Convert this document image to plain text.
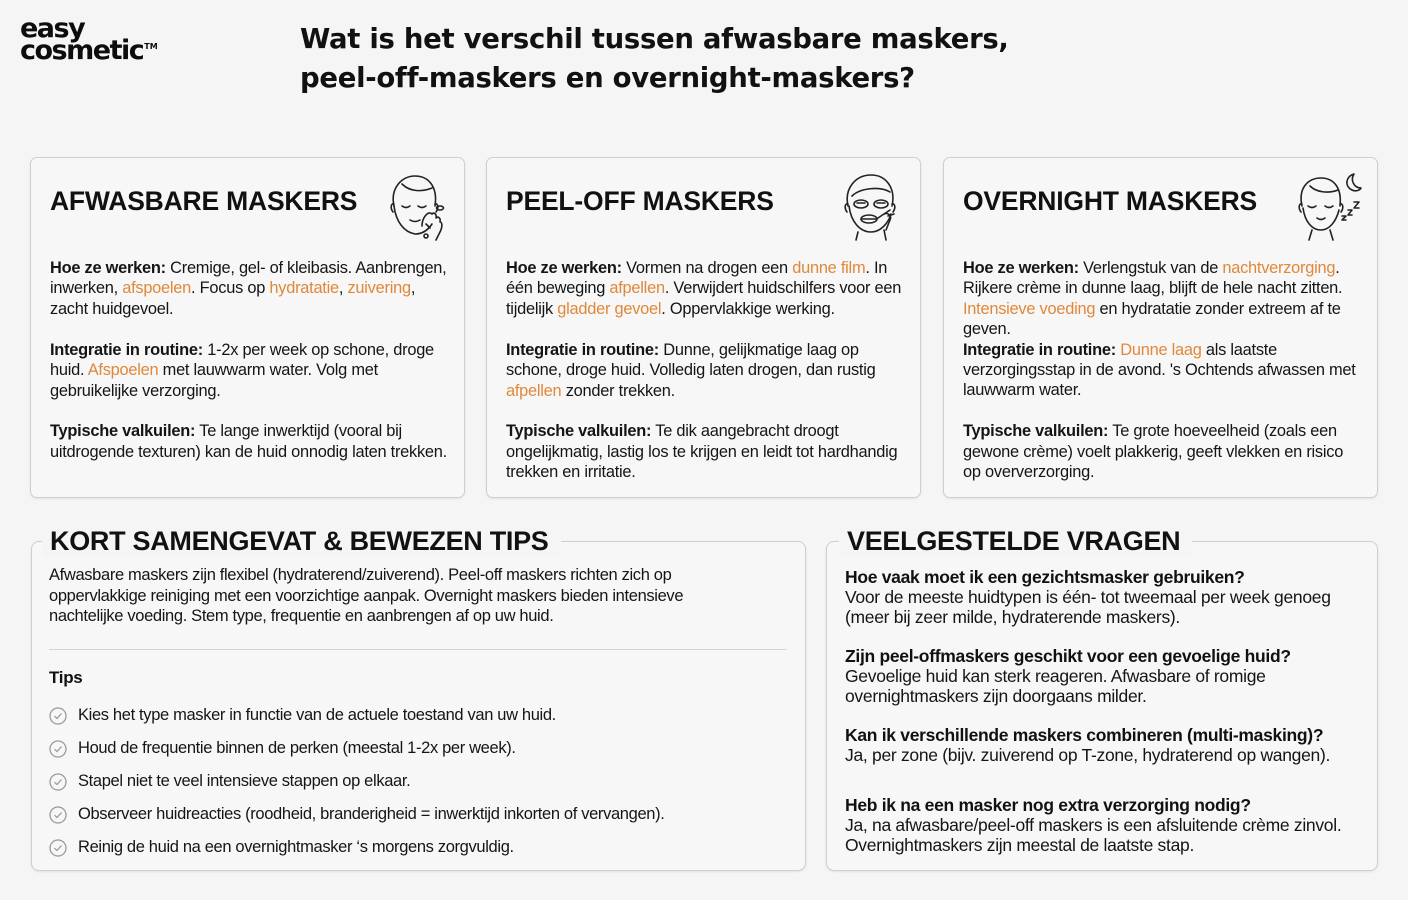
easy
cosmetic™	Wat is het verschil tussen afwasbare maskers,
peel-off-maskers en overnight-maskers?
AFWASBARE MASKERS

Hoe ze werken: Cremige, gel- of kleibasis. Aanbrengen, inwerken, afspoelen. Focus op hydratatie, zuivering, zacht huidgevoel.

Integratie in routine: 1-2x per week op schone, droge huid. Afspoelen met lauwwarm water. Volg met gebruikelijke verzorging.

Typische valkuilen: Te lange inwerktijd (vooral bij uitdrogende texturen) kan de huid onnodig laten trekken.

PEEL-OFF MASKERS

Hoe ze werken: Vormen na drogen een dunne film. In één beweging afpellen. Verwijdert huidschilfers voor een tijdelijk gladder gevoel. Oppervlakkige werking.

Integratie in routine: Dunne, gelijkmatige laag op schone, droge huid. Volledig laten drogen, dan rustig afpellen zonder trekken.

Typische valkuilen: Te dik aangebracht droogt ongelijkmatig, lastig los te krijgen en leidt tot hardhandig trekken en irritatie.

OVERNIGHT MASKERS

Hoe ze werken: Verlengstuk van de nachtverzorging. Rijkere crème in dunne laag, blijft de hele nacht zitten. Intensieve voeding en hydratatie zonder extreem af te geven.

Integratie in routine: Dunne laag als laatste verzorgingsstap in de avond. 's Ochtends afwassen met lauwwarm water.

Typische valkuilen: Te grote hoeveelheid (zoals een gewone crème) voelt plakkerig, geeft vlekken en risico op oververzorging.

KORT SAMENGEVAT & BEWEZEN TIPS

Afwasbare maskers zijn flexibel (hydraterend/zuiverend). Peel-off maskers richten zich op oppervlakkige reiniging met een voorzichtige aanpak. Overnight maskers bieden intensieve nachtelijke voeding. Stem type, frequentie en aanbrengen af op uw huid.

Tips
Kies het type masker in functie van de actuele toestand van uw huid.
Houd de frequentie binnen de perken (meestal 1-2x per week).
Stapel niet te veel intensieve stappen op elkaar.
Observeer huidreacties (roodheid, branderigheid = inwerktijd inkorten of vervangen).
Reinig de huid na een overnightmasker ‘s morgens zorgvuldig.
VEELGESTELDE VRAGEN
Hoe vaak moet ik een gezichtsmasker gebruiken?
Voor de meeste huidtypen is één- tot tweemaal per week genoeg (meer bij zeer milde, hydraterende maskers).
Zijn peel-offmaskers geschikt voor een gevoelige huid?
Gevoelige huid kan sterk reageren. Afwasbare of romige overnightmaskers zijn doorgaans milder.
Kan ik verschillende maskers combineren (multi-masking)?
Ja, per zone (bijv. zuiverend op T-zone, hydraterend op wangen).
Heb ik na een masker nog extra verzorging nodig?
Ja, na afwasbare/peel-off maskers is een afsluitende crème zinvol. Overnightmaskers zijn meestal de laatste stap.
